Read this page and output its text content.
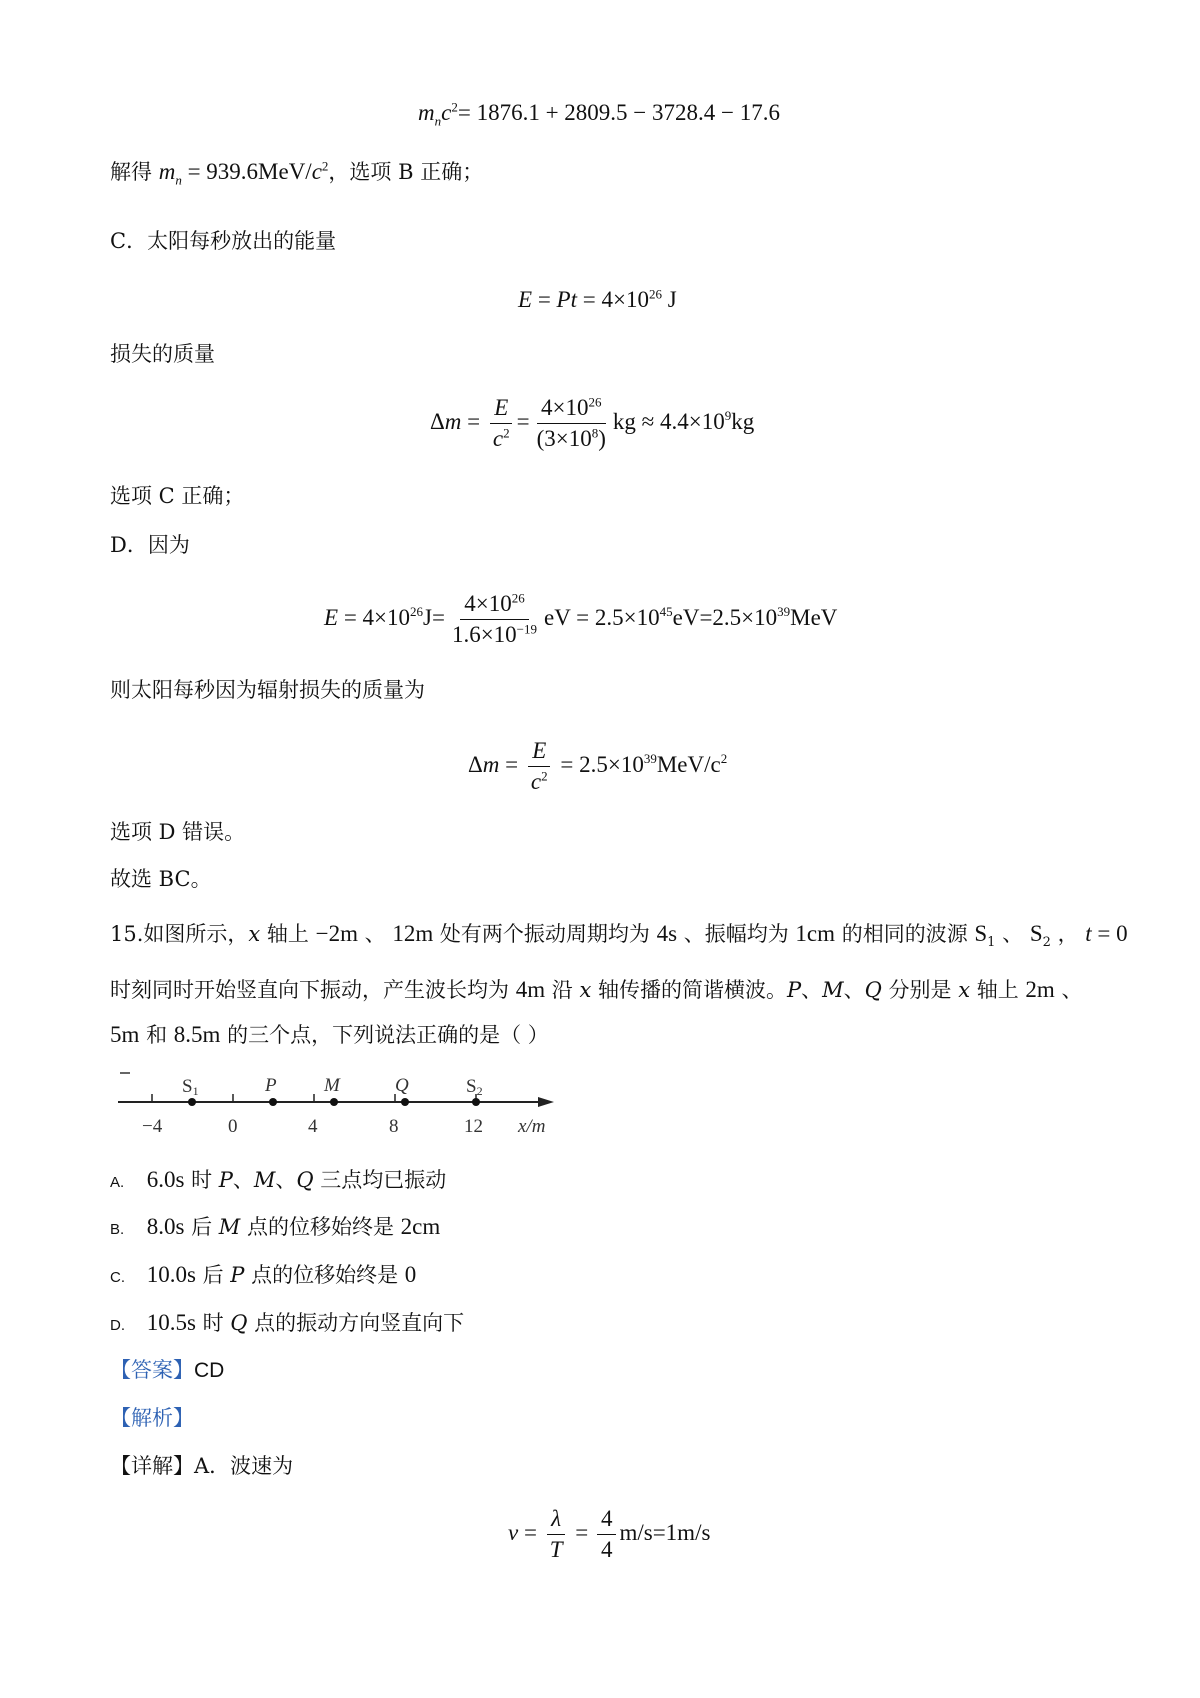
$m_nc^2= 1876.1 + 2809.5 - 3728.4 - 17.6$
解得 $m_n = 939.6MeV/c^2$，选项 B 正确；
C．太阳每秒放出的能量
$E = Pt = 4\times 10^{26}$ J
损失的质量
$\Delta m = \frac{E}{c^2} = \frac{4\times 10^{26}}{(3\times 10^8)}$ kg ≈ $4.4\times 10^9kg$
选项 C 正确；
D．因为
$E = 4\times 10^{26}J= \frac{4\times 10^{26}}{1.6\times 10^{-19}}$ eV = $2.5\times 10^{45}eV=2.5\times 10^{39}MeV$
则太阳每秒因为辐射损失的质量为
$\Delta m = \frac{E}{c^2} = 2.5\times 10^{39}MeV/c^2$
选项 D 错误。
故选 BC。
15.如图所示，x 轴上 −2m 、 12m 处有两个振动周期均为 4s 、振幅均为 1cm 的相同的波源 $S_1$ 、 $S_2$ ， t = 0
时刻同时开始竖直向下振动，产生波长均为 4m 沿 x 轴传播的简谐横波。P、M、Q 分别是 x 轴上 2m 、
5m 和 8.5m 的三个点，下列说法正确的是（ ）
S1	P M	Q	S2
−4	0	4	8	12 x/m
A. 6.0s 时 P、M、Q 三点均已振动
B. 8.0s 后 M 点的位移始终是 2cm
C. 10.0s 后 P 点的位移始终是 0
D. 10.5s 时 Q 点的振动方向竖直向下
【答案】CD
【解析】
【详解】A．波速为
$v = \frac{\lambda}{T} = \frac{4}{4} m/s=1m/s$
